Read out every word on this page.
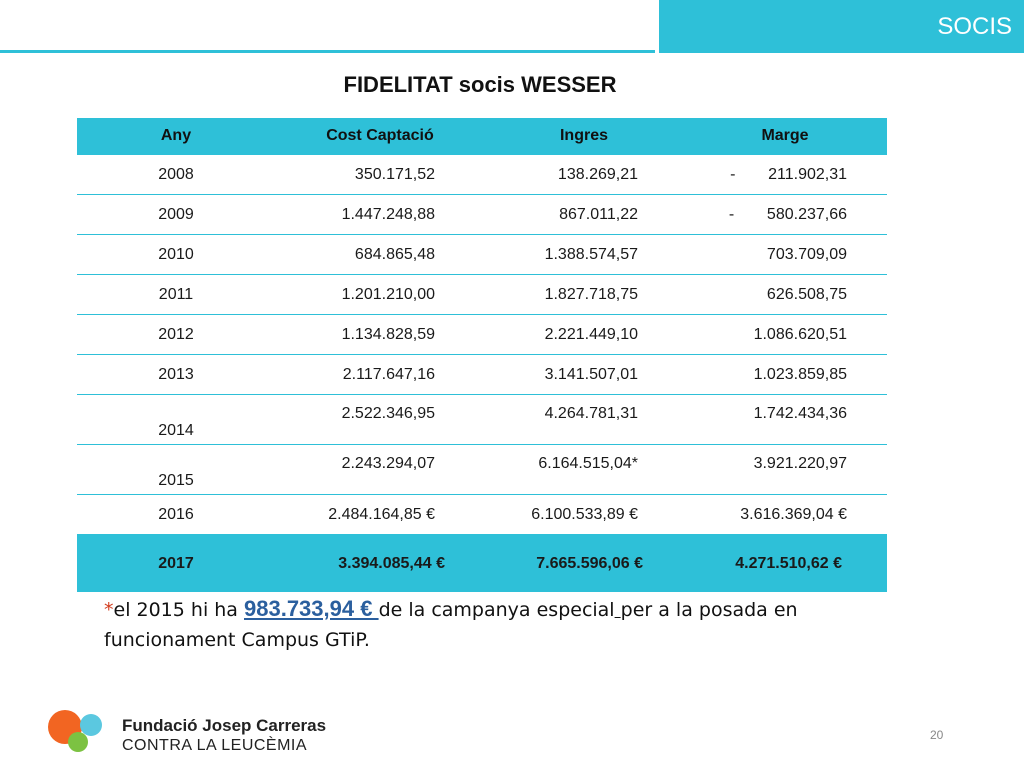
SOCIS
FIDELITAT socis WESSER
Any	Cost Captació	Ingres	Marge
2008	350.171,52	138.269,21	- 211.902,31
2009	1.447.248,88	867.011,22	- 580.237,66
2010	684.865,48	1.388.574,57	703.709,09
2011	1.201.210,00	1.827.718,75	626.508,75
2012	1.134.828,59	2.221.449,10	1.086.620,51
2013	2.117.647,16	3.141.507,01	1.023.859,85
2014	2.522.346,95	4.264.781,31	1.742.434,36
2015	2.243.294,07	6.164.515,04*	3.921.220,97
2016	2.484.164,85 €	6.100.533,89 €	3.616.369,04 €
2017	3.394.085,44 €	7.665.596,06 €	4.271.510,62 €
*el 2015 hi ha 983.733,94 € de la campanya especial per a la posada en funcionament Campus GTiP.
Fundació Josep Carreras
CONTRA LA LEUCÈMIA
20
